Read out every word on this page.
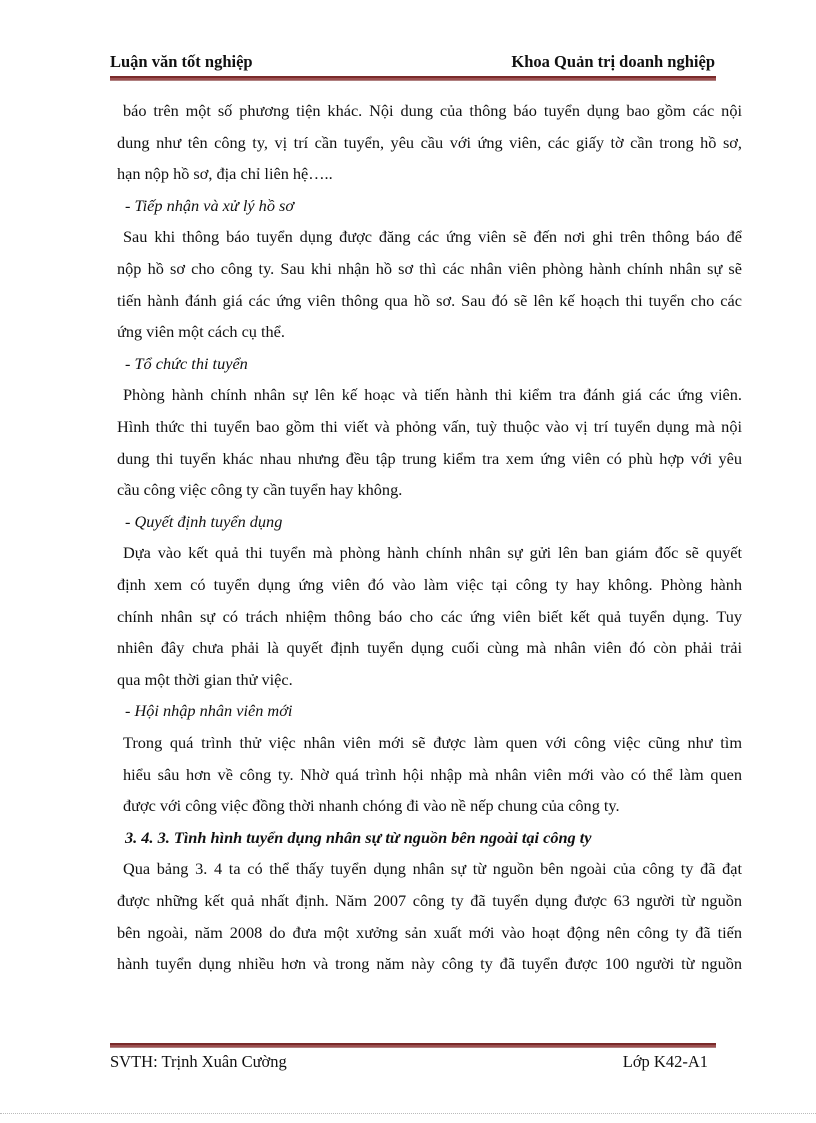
Luận văn tốt nghiệp	Khoa Quản trị doanh nghiệp
báo trên một số phương tiện khác. Nội dung của thông báo tuyển dụng bao gồm các nội
dung như tên công ty, vị trí cần tuyển, yêu cầu với ứng viên, các giấy tờ cần trong hồ sơ,
hạn nộp hồ sơ, địa chỉ liên hệ…..
- Tiếp nhận và xử lý hồ sơ
Sau khi thông báo tuyển dụng được đăng các ứng viên sẽ đến nơi ghi trên thông báo để
nộp hồ sơ cho công ty. Sau khi nhận hồ sơ thì các nhân viên phòng hành chính nhân sự sẽ
tiến hành đánh giá các ứng viên thông qua hồ sơ. Sau đó sẽ lên kế hoạch thi tuyển cho các
ứng viên một cách cụ thể.
- Tổ chức thi tuyển
Phòng hành chính nhân sự lên kế hoạc và tiến hành thi kiểm tra đánh giá các ứng viên.
Hình thức thi tuyển bao gồm thi viết và phỏng vấn, tuỳ thuộc vào vị trí tuyển dụng mà nội
dung thi tuyển khác nhau nhưng đều tập trung kiểm tra xem ứng viên có phù hợp với yêu
cầu công việc công ty cần tuyển hay không.
- Quyết định tuyển dụng
Dựa vào kết quả thi tuyển mà phòng hành chính nhân sự gửi lên ban giám đốc sẽ quyết
định xem có tuyển dụng ứng viên đó vào làm việc tại công ty hay không. Phòng hành
chính nhân sự có trách nhiệm thông báo cho các ứng viên biết kết quả tuyển dụng. Tuy
nhiên đây chưa phải là quyết định tuyển dụng cuối cùng mà nhân viên đó còn phải trải
qua một thời gian thử việc.
- Hội nhập nhân viên mới
Trong quá trình thử việc nhân viên mới sẽ được làm quen với công việc cũng như tìm
hiểu sâu hơn về công ty. Nhờ quá trình hội nhập mà nhân viên mới vào có thể làm quen
được với công việc đồng thời nhanh chóng đi vào nề nếp chung của công ty.
3. 4. 3. Tình hình tuyển dụng nhân sự từ nguồn bên ngoài tại công ty
Qua bảng 3. 4 ta có thể thấy tuyển dụng nhân sự từ nguồn bên ngoài của công ty đã đạt
được những kết quả nhất định. Năm 2007 công ty đã tuyển dụng được 63 người từ nguồn
bên ngoài, năm 2008 do đưa một xưởng sản xuất mới vào hoạt động nên công ty đã tiến
hành tuyển dụng nhiều hơn và trong năm này công ty đã tuyển được 100 người từ nguồn
SVTH: Trịnh Xuân Cường	Lớp K42-A1
